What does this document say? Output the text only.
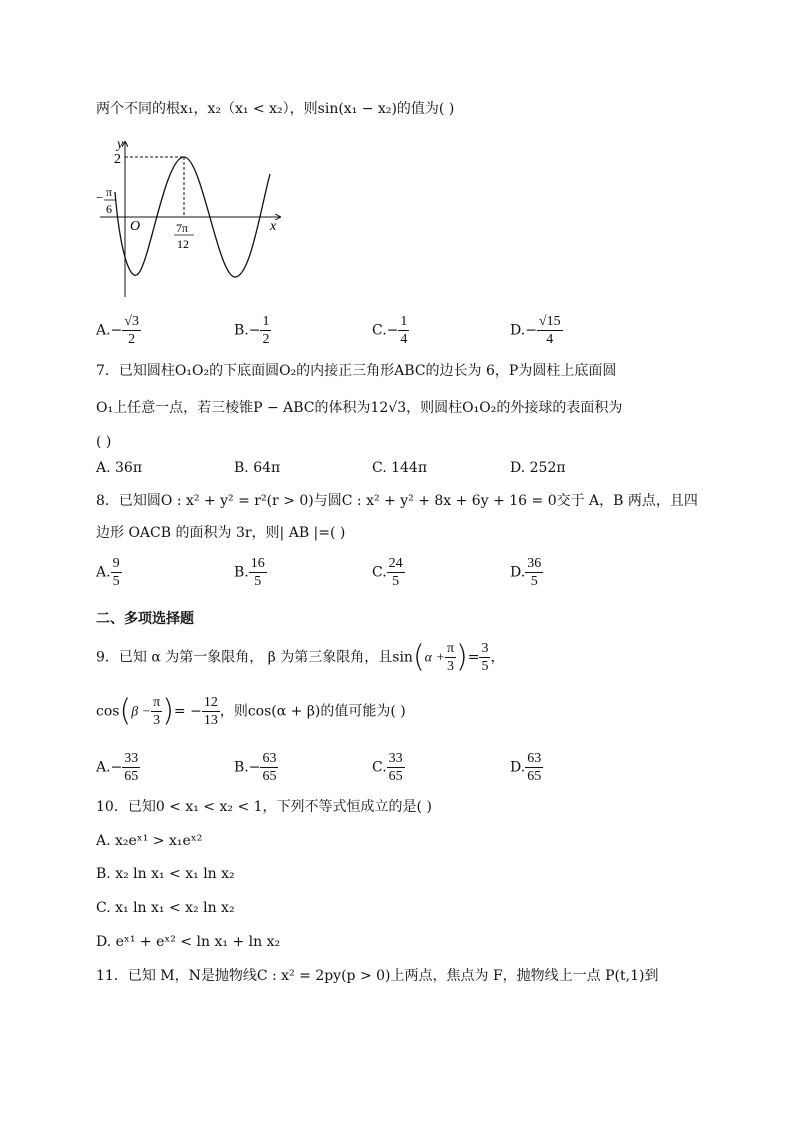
两个不同的根x₁，x₂（x₁ < x₂），则sin(x₁ − x₂)的值为( )
y
x
O
2
− π
6
7π
12
$A.- \frac{√3}{2}$	$B.- \frac{1}{2}$	$C.- \frac{1}{4}$	$D.- \frac{√15}{4}$
7．已知圆柱O₁O₂的下底面圆O₂的内接正三角形ABC的边长为 6，P为圆柱上底面圆
O₁上任意一点，若三棱锥P − ABC的体积为12√3，则圆柱O₁O₂的外接球的表面积为
( )
A. 36π	B. 64π	C. 144π	D. 252π
8．已知圆O : x² + y² = r²(r > 0)与圆C : x² + y² + 8x + 6y + 16 = 0交于 A，B 两点，且四
边形 OACB 的面积为 3r，则| AB |=( )
A. $\frac{9}{5}$	B. $\frac{16}{5}$	C. $\frac{24}{5}$	D. $\frac{36}{5}$
二、多项选择题
9．已知 α 为第一象限角， β 为第三象限角，且$\sin(\alpha + \frac{\pi}{3}$ )= $\frac{3}{5}$ ，
$\cos(\beta - \frac{\pi}{3}$ )= − $\frac{12}{13}$ ，则cos(α + β)的值可能为( )
$A.- \frac{33}{65}$	$B.- \frac{63}{65}$	C. $\frac{33}{65}$	D. $\frac{63}{65}$
10．已知0 < x₁ < x₂ < 1，下列不等式恒成立的是( )
A. x₂eˣ¹ > x₁eˣ²
B. x₂ ln x₁ < x₁ ln x₂
C. x₁ ln x₁ < x₂ ln x₂
D. eˣ¹ + eˣ² < ln x₁ + ln x₂
11．已知 M，N是抛物线C : x² = 2py(p > 0)上两点，焦点为 F，抛物线上一点 P(t,1)到
